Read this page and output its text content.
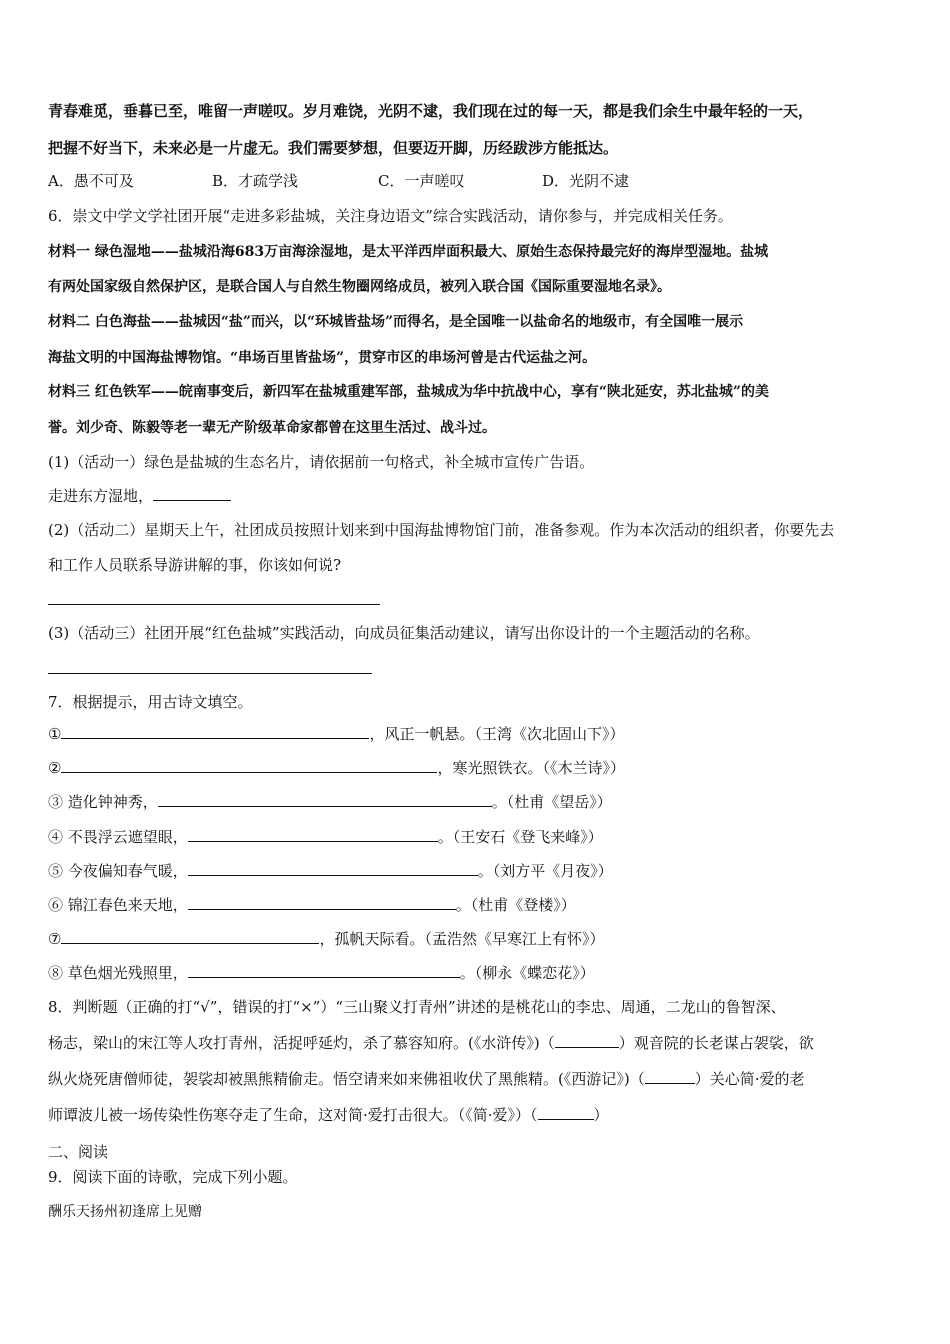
青春难觅，垂暮已至，唯留一声嗟叹。岁月难饶，光阴不逮，我们现在过的每一天，都是我们余生中最年轻的一天，
把握不好当下，未来必是一片虚无。我们需要梦想，但要迈开脚，历经跋涉方能抵达。
A．愚不可及	B．才疏学浅	C．一声嗟叹	D．光阴不逮
6．崇文中学文学社团开展“走进多彩盐城，关注身边语文”综合实践活动，请你参与，并完成相关任务。
材料一 绿色湿地——盐城沿海683万亩海涂湿地，是太平洋西岸面积最大、原始生态保持最完好的海岸型湿地。盐城
有两处国家级自然保护区，是联合国人与自然生物圈网络成员，被列入联合国《国际重要湿地名录》。
材料二 白色海盐——盐城因“盐”而兴，以“环城皆盐场”而得名，是全国唯一以盐命名的地级市，有全国唯一展示
海盐文明的中国海盐博物馆。“串场百里皆盐场”，贯穿市区的串场河曾是古代运盐之河。
材料三 红色铁军——皖南事变后，新四军在盐城重建军部，盐城成为华中抗战中心，享有“陕北延安，苏北盐城”的美
誉。刘少奇、陈毅等老一辈无产阶级革命家都曾在这里生活过、战斗过。
(1)（活动一）绿色是盐城的生态名片，请依据前一句格式，补全城市宣传广告语。
走进东方湿地，
(2)（活动二）星期天上午，社团成员按照计划来到中国海盐博物馆门前，准备参观。作为本次活动的组织者，你要先去
和工作人员联系导游讲解的事，你该如何说?
(3)（活动三）社团开展“红色盐城”实践活动，向成员征集活动建议，请写出你设计的一个主题活动的名称。
7．根据提示，用古诗文填空。
①	，风正一帆悬。（王湾《次北固山下》）
②	，寒光照铁衣。（《木兰诗》）
③ 造化钟神秀，	。（杜甫《望岳》）
④ 不畏浮云遮望眼，	。（王安石《登飞来峰》）
⑤ 今夜偏知春气暖，	。（刘方平《月夜》）
⑥ 锦江春色来天地，	。（杜甫《登楼》）
⑦	，孤帆天际看。（孟浩然《早寒江上有怀》）
⑧ 草色烟光残照里，	。（柳永《蝶恋花》）
8．判断题（正确的打“√”，错误的打“×”）“三山聚义打青州”讲述的是桃花山的李忠、周通，二龙山的鲁智深、
杨志，梁山的宋江等人攻打青州，活捉呼延灼，杀了慕容知府。(《水浒传》)（	）观音院的长老谋占袈裟，欲
纵火烧死唐僧师徒，袈裟却被黑熊精偷走。悟空请来如来佛祖收伏了黑熊精。(《西游记》)（	）关心简·爱的老
师谭波儿被一场传染性伤寒夺走了生命，这对简·爱打击很大。（《简·爱》）（	）
二、阅读
9．阅读下面的诗歌，完成下列小题。
酬乐天扬州初逢席上见赠
